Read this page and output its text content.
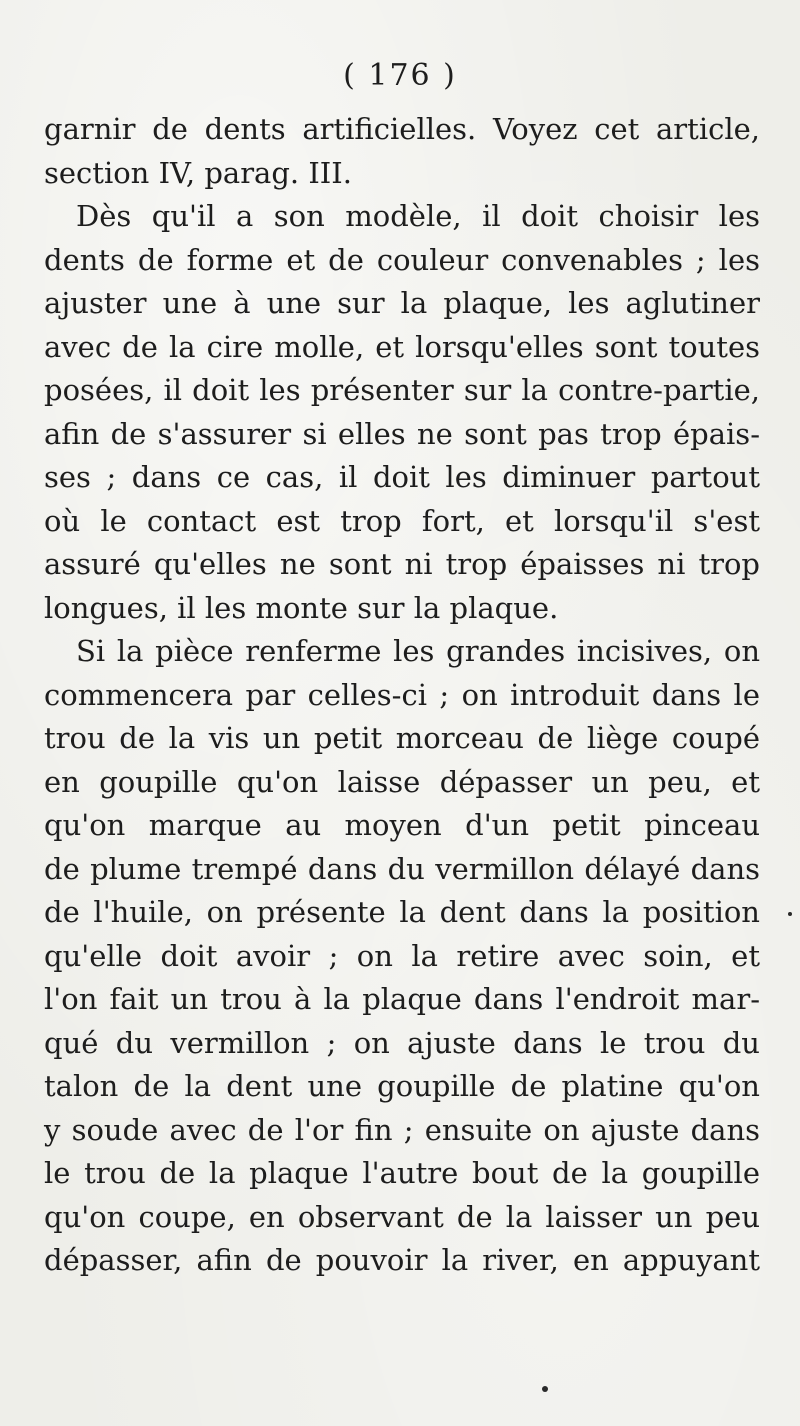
( 176 )
garnir de dents artificielles. Voyez cet article,
section IV, parag. III.
Dès qu'il a son modèle, il doit choisir les
dents de forme et de couleur convenables ; les
ajuster une à une sur la plaque, les aglutiner
avec de la cire molle, et lorsqu'elles sont toutes
posées, il doit les présenter sur la contre-partie,
afin de s'assurer si elles ne sont pas trop épais-
ses ; dans ce cas, il doit les diminuer partout
où le contact est trop fort, et lorsqu'il s'est
assuré qu'elles ne sont ni trop épaisses ni trop
longues, il les monte sur la plaque.
Si la pièce renferme les grandes incisives, on
commencera par celles-ci ; on introduit dans le
trou de la vis un petit morceau de liège coupé
en goupille qu'on laisse dépasser un peu, et
qu'on marque au moyen d'un petit pinceau
de plume trempé dans du vermillon délayé dans
de l'huile, on présente la dent dans la position
qu'elle doit avoir ; on la retire avec soin, et
l'on fait un trou à la plaque dans l'endroit mar-
qué du vermillon ; on ajuste dans le trou du
talon de la dent une goupille de platine qu'on
y soude avec de l'or fin ; ensuite on ajuste dans
le trou de la plaque l'autre bout de la goupille
qu'on coupe, en observant de la laisser un peu
dépasser, afin de pouvoir la river, en appuyant
